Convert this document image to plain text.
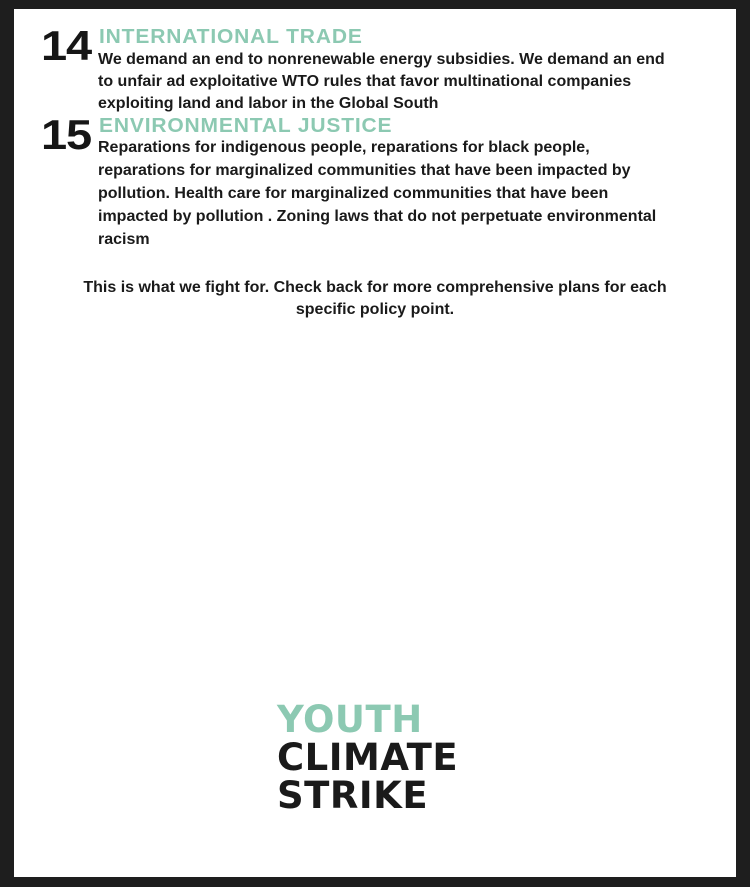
14 INTERNATIONAL TRADE
We demand an end to nonrenewable energy subsidies. We demand an end
to unfair ad exploitative WTO rules that favor multinational companies
exploiting land and labor in the Global South
15 ENVIRONMENTAL JUSTICE
Reparations for indigenous people, reparations for black people,
reparations for marginalized communities that have been impacted by
pollution. Health care for marginalized communities that have been
impacted by pollution . Zoning laws that do not perpetuate environmental
racism
This is what we fight for. Check back for more comprehensive plans for each
specific policy point.
YOUTH
CLIMATE
STRIKE
